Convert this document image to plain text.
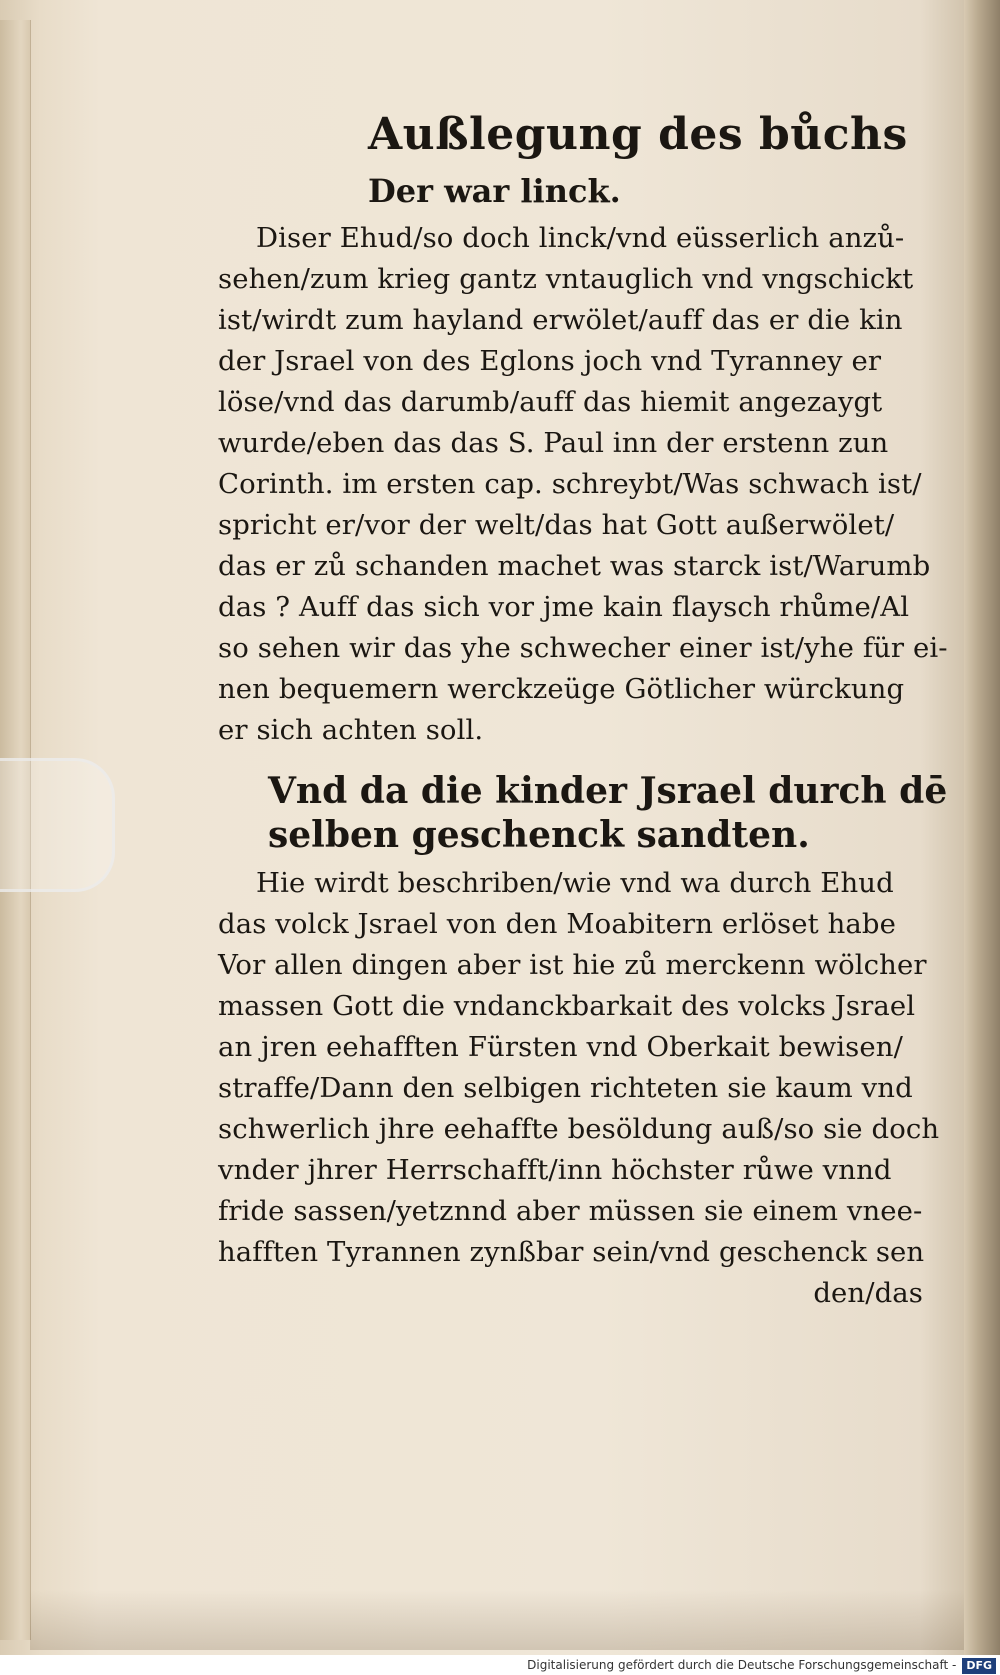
Außlegung des bůchs
Der war linck.
Diser Ehud/so doch linck/vnd eüsserlich anzů-
sehen/zum krieg gantz vntauglich vnd vngschickt
ist/wirdt zum hayland erwölet/auff das er die kin
der Jsrael von des Eglons joch vnd Tyranney er
löse/vnd das darumb/auff das hiemit angezaygt
wurde/eben das das S. Paul inn der erstenn zun
Corinth. im ersten cap. schreybt/Was schwach ist/
spricht er/vor der welt/das hat Gott außerwölet/
das er zů schanden machet was starck ist/Warumb
das ? Auff das sich vor jme kain flaysch rhůme/Al
so sehen wir das yhe schwecher einer ist/yhe für ei-
nen bequemern werckzeüge Götlicher würckung
er sich achten soll.
Vnd da die kinder Jsrael durch dē
selben geschenck sandten.
Hie wirdt beschriben/wie vnd wa durch Ehud
das volck Jsrael von den Moabitern erlöset habe
Vor allen dingen aber ist hie zů merckenn wölcher
massen Gott die vndanckbarkait des volcks Jsrael
an jren eehafften Fürsten vnd Oberkait bewisen/
straffe/Dann den selbigen richteten sie kaum vnd
schwerlich jhre eehaffte besöldung auß/so sie doch
vnder jhrer Herrschafft/inn höchster růwe vnnd
fride sassen/yetznnd aber müssen sie einem vnee-
hafften Tyrannen zynßbar sein/vnd geschenck sen
den/das
Digitalisierung gefördert durch die Deutsche Forschungsgemeinschaft - DFG
